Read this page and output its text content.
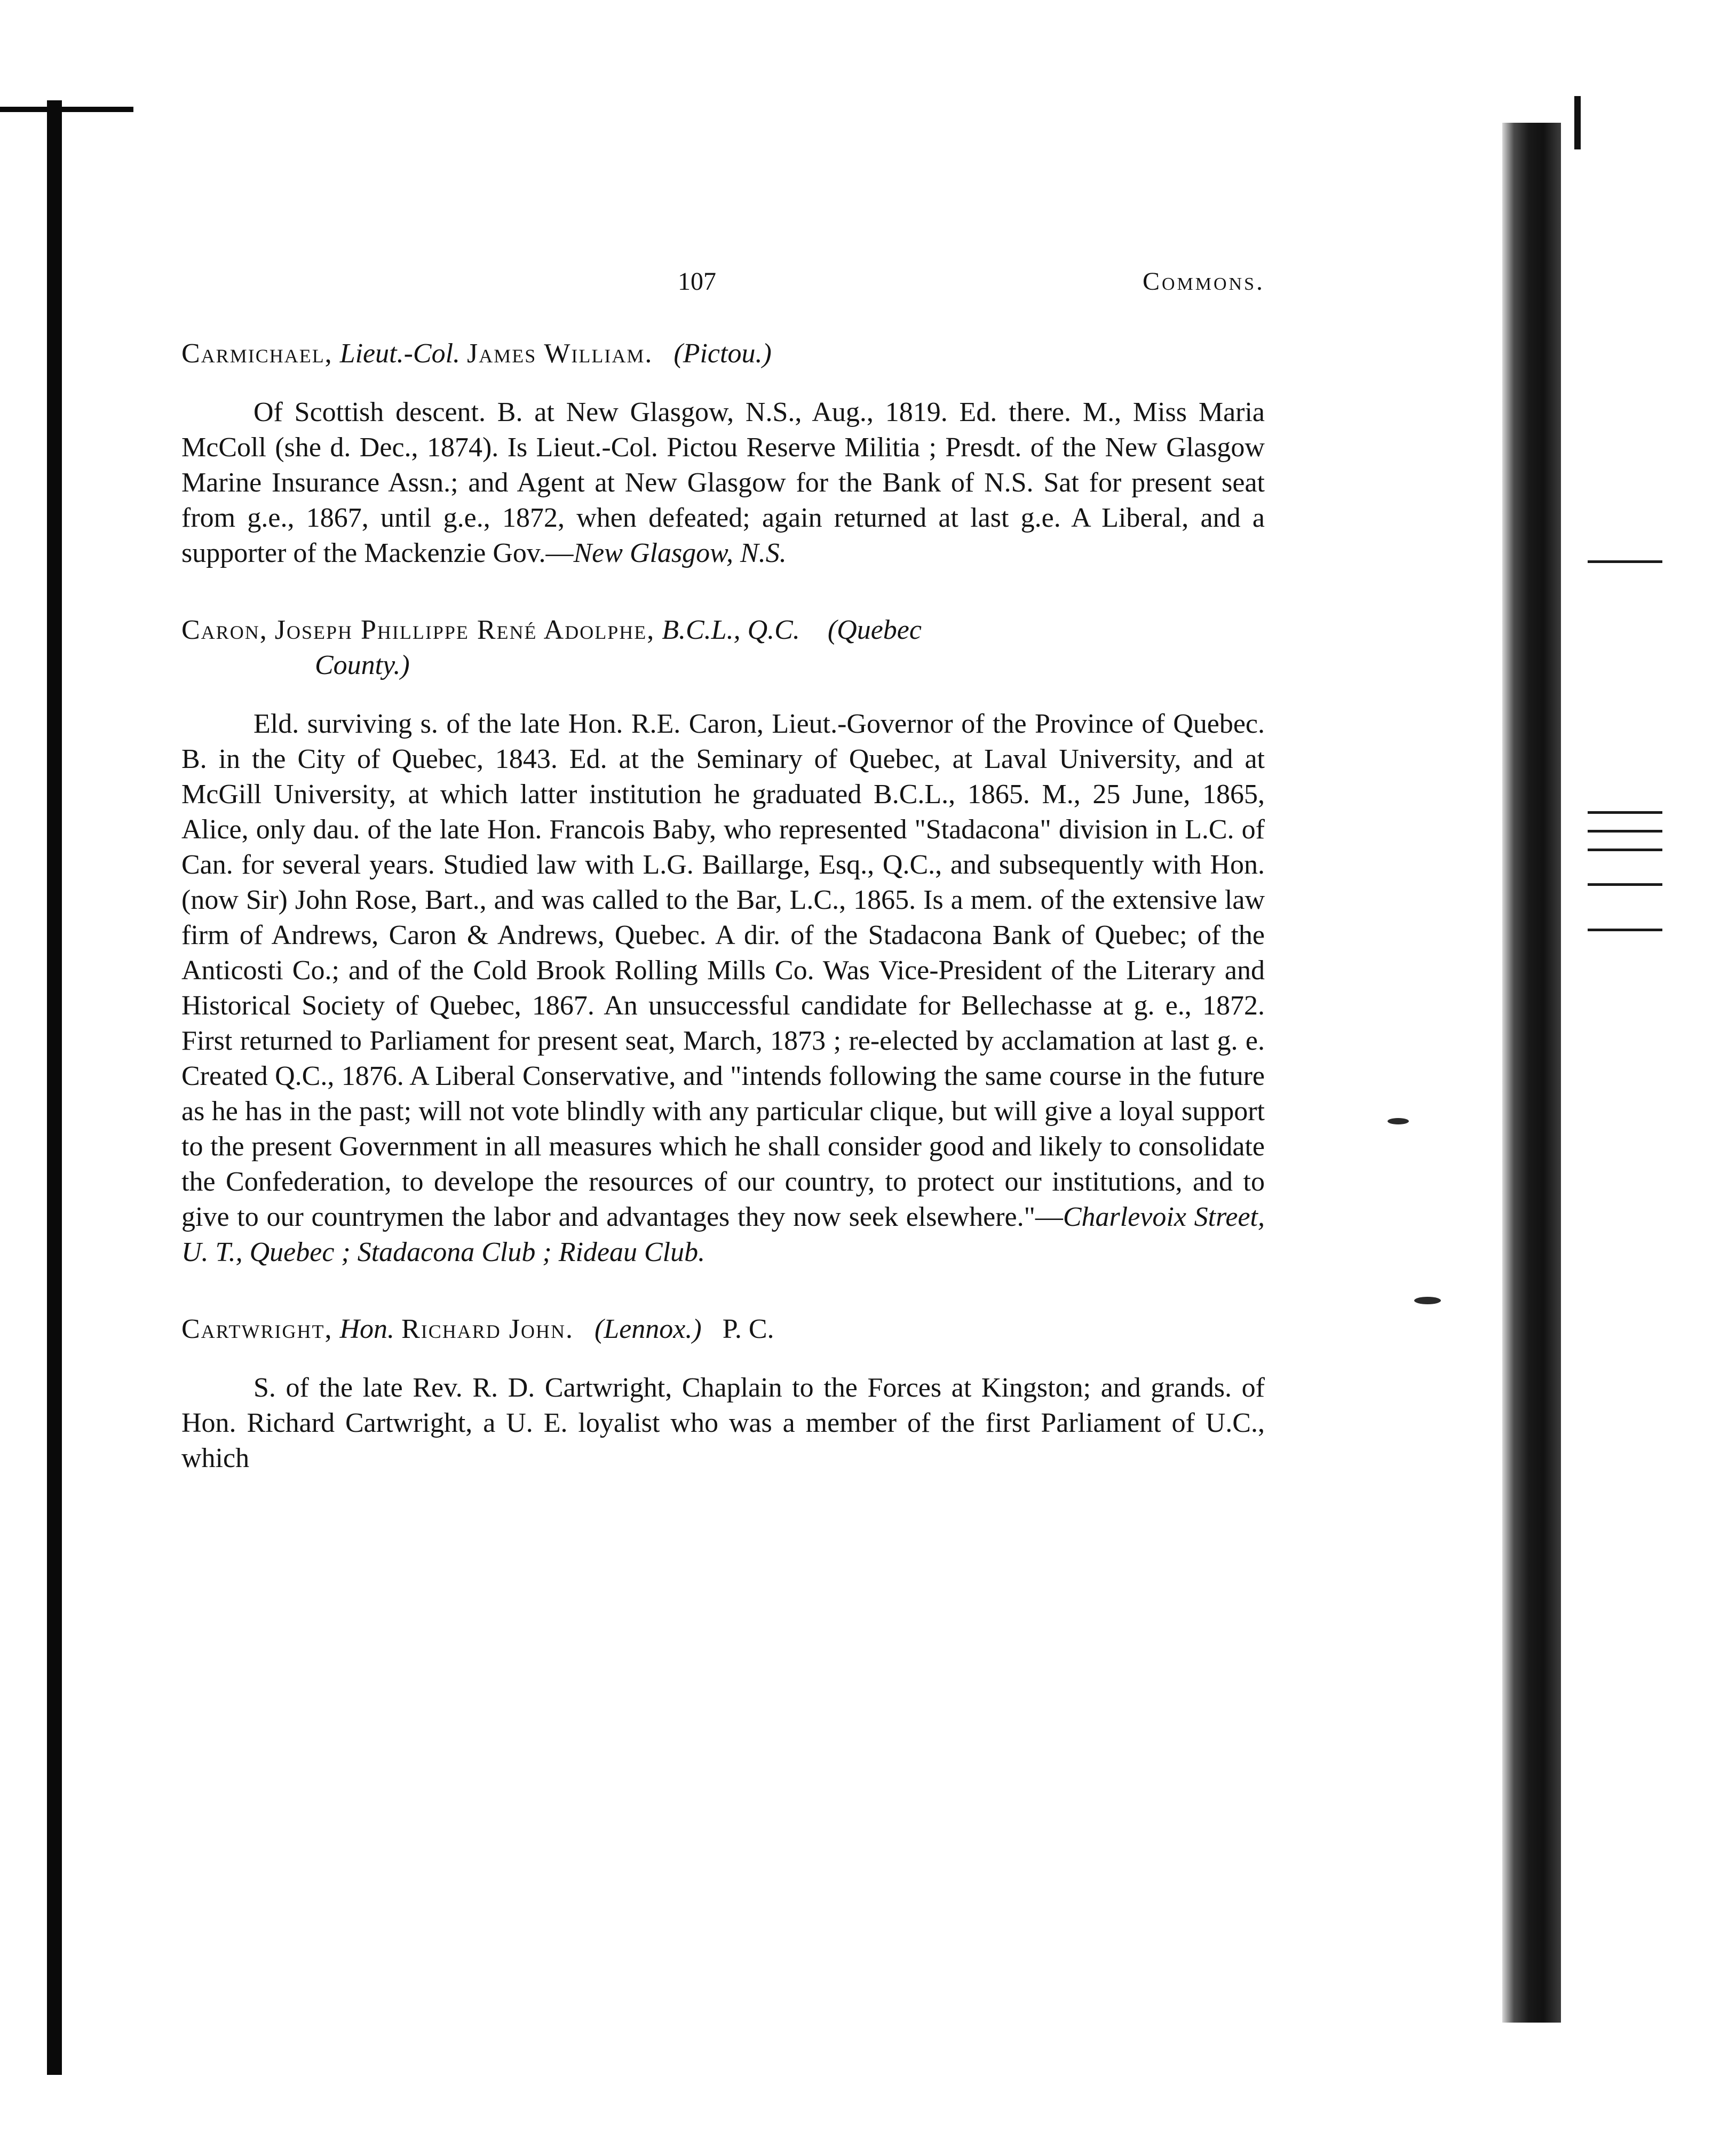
107	Commons.

Carmichael, Lieut.-Col. James William. (Pictou.)

Of Scottish descent. B. at New Glasgow, N.S., Aug., 1819. Ed. there. M., Miss Maria McColl (she d. Dec., 1874). Is Lieut.-Col. Pictou Reserve Militia ; Presdt. of the New Glasgow Marine Insurance Assn.; and Agent at New Glasgow for the Bank of N.S. Sat for present seat from g.e., 1867, until g.e., 1872, when defeated; again returned at last g.e. A Liberal, and a supporter of the Mackenzie Gov.—New Glasgow, N.S.

Caron, Joseph Phillippe René Adolphe, B.C.L., Q.C. (Quebec
County.)

Eld. surviving s. of the late Hon. R.E. Caron, Lieut.-Governor of the Province of Quebec. B. in the City of Quebec, 1843. Ed. at the Seminary of Quebec, at Laval University, and at McGill University, at which latter institution he graduated B.C.L., 1865. M., 25 June, 1865, Alice, only dau. of the late Hon. Francois Baby, who represented "Stadacona" division in L.C. of Can. for several years. Studied law with L.G. Baillarge, Esq., Q.C., and subsequently with Hon. (now Sir) John Rose, Bart., and was called to the Bar, L.C., 1865. Is a mem. of the extensive law firm of Andrews, Caron & Andrews, Quebec. A dir. of the Stadacona Bank of Quebec; of the Anticosti Co.; and of the Cold Brook Rolling Mills Co. Was Vice-President of the Literary and Historical Society of Quebec, 1867. An unsuccessful candidate for Bellechasse at g. e., 1872. First returned to Parliament for present seat, March, 1873 ; re-elected by acclamation at last g. e. Created Q.C., 1876. A Liberal Conservative, and "intends following the same course in the future as he has in the past; will not vote blindly with any particular clique, but will give a loyal support to the present Government in all measures which he shall consider good and likely to consolidate the Confederation, to develope the resources of our country, to protect our institutions, and to give to our countrymen the labor and advantages they now seek elsewhere."—Charlevoix Street, U. T., Quebec ; Stadacona Club ; Rideau Club.

Cartwright, Hon. Richard John. (Lennox.) P. C.

S. of the late Rev. R. D. Cartwright, Chaplain to the Forces at Kingston; and grands. of Hon. Richard Cartwright, a U. E. loyalist who was a member of the first Parliament of U.C., which
